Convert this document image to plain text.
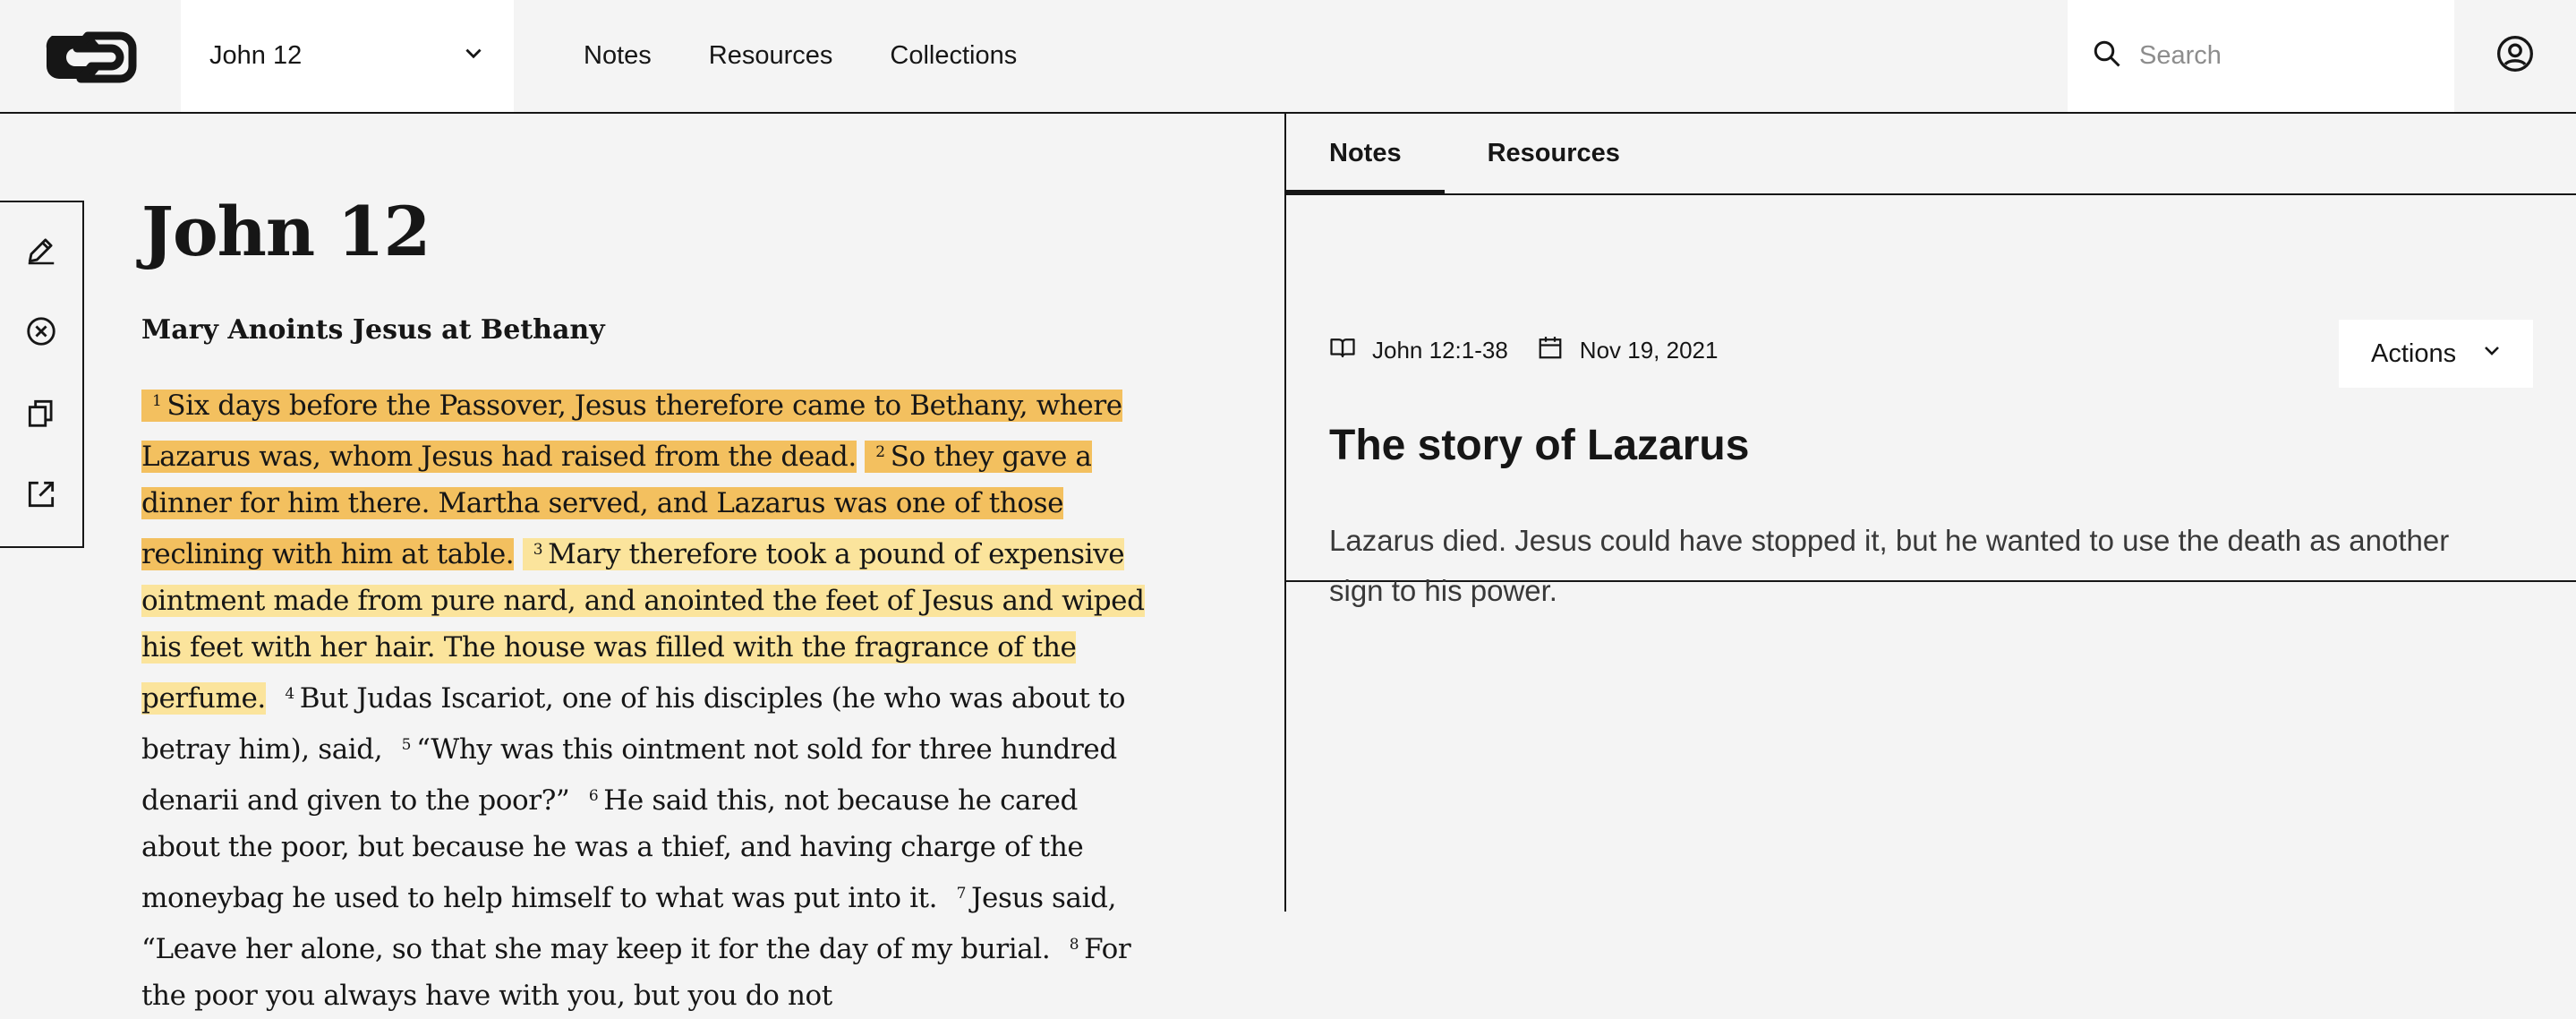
John 12	Notes	Resources	Collections
Search
John 12
Mary Anoints Jesus at Bethany

$^1$ Six days before the Passover, Jesus therefore came to Bethany, where Lazarus was, whom Jesus had raised from the dead. $^2$ So they gave a dinner for him there. Martha served, and Lazarus was one of those reclining with him at table. $^3$ Mary therefore took a pound of expensive ointment made from pure nard, and anointed the feet of Jesus and wiped his feet with her hair. The house was filled with the fragrance of the perfume. $^4$ But Judas Iscariot, one of his disciples (he who was about to betray him), said, $^5$ “Why was this ointment not sold for three hundred denarii and given to the poor?” $^6$ He said this, not because he cared about the poor, but because he was a thief, and having charge of the moneybag he used to help himself to what was put into it. $^7$ Jesus said, “Leave her alone, so that she may keep it for the day of my burial. $^8$ For the poor you always have with you, but you do not

Notes	Resources
John 12:1-38	Nov 19, 2021	Actions
The story of Lazarus
Lazarus died. Jesus could have stopped it, but he wanted to use the death as another sign to his power.
